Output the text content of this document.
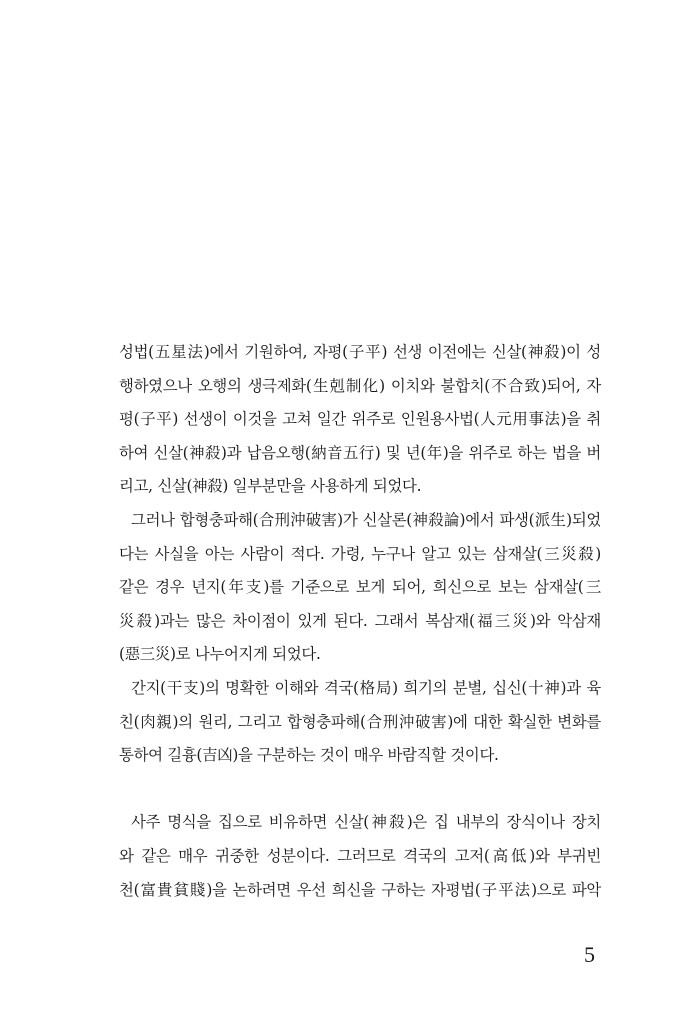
성법(五星法)에서 기원하여, 자평(子平) 선생 이전에는 신살(神殺)이 성
행하였으나 오행의 생극제화(生剋制化) 이치와 불합치(不合致)되어, 자
평(子平) 선생이 이것을 고쳐 일간 위주로 인원용사법(人元用事法)을 취
하여 신살(神殺)과 납음오행(納音五行) 및 년(年)을 위주로 하는 법을 버
리고, 신살(神殺) 일부분만을 사용하게 되었다.
그러나 합형충파해(合刑沖破害)가 신살론(神殺論)에서 파생(派生)되었
다는 사실을 아는 사람이 적다. 가령, 누구나 알고 있는 삼재살(三災殺)
같은 경우 년지(年支)를 기준으로 보게 되어, 희신으로 보는 삼재살(三
災殺)과는 많은 차이점이 있게 된다. 그래서 복삼재(福三災)와 악삼재
(惡三災)로 나누어지게 되었다.
간지(干支)의 명확한 이해와 격국(格局) 희기의 분별, 십신(十神)과 육
친(肉親)의 원리, 그리고 합형충파해(合刑沖破害)에 대한 확실한 변화를
통하여 길흉(吉凶)을 구분하는 것이 매우 바람직할 것이다.
사주 명식을 집으로 비유하면 신살(神殺)은 집 내부의 장식이나 장치
와 같은 매우 귀중한 성분이다. 그러므로 격국의 고저(高低)와 부귀빈
천(富貴貧賤)을 논하려면 우선 희신을 구하는 자평법(子平法)으로 파악
5
